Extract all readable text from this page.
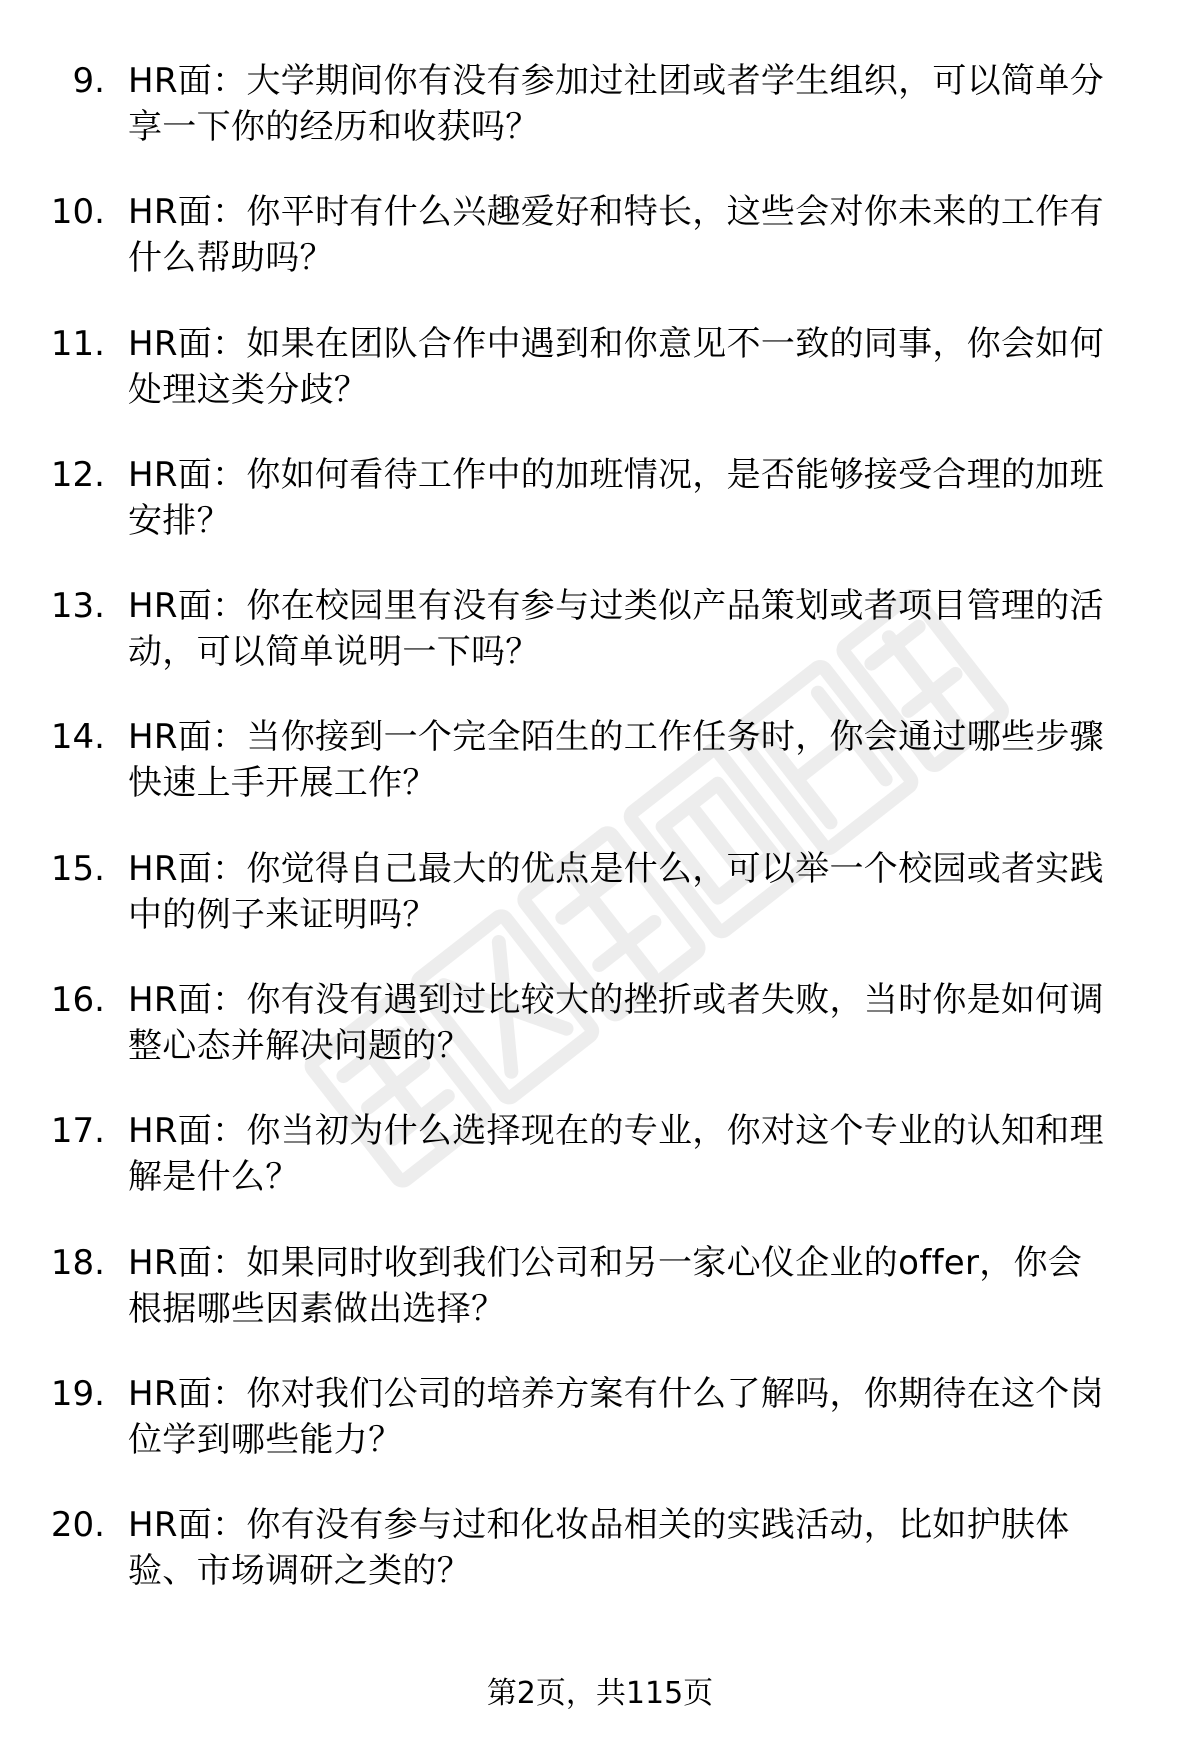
9. HR面：大学期间你有没有参加过社团或者学生组织，可以简单分
享一下你的经历和收获吗？
10. HR面：你平时有什么兴趣爱好和特长，这些会对你未来的工作有
什么帮助吗？
11. HR面：如果在团队合作中遇到和你意见不一致的同事，你会如何
处理这类分歧？
12. HR面：你如何看待工作中的加班情况，是否能够接受合理的加班
安排？
13. HR面：你在校园里有没有参与过类似产品策划或者项目管理的活
动，可以简单说明一下吗？
14. HR面：当你接到一个完全陌生的工作任务时，你会通过哪些步骤
快速上手开展工作？
15. HR面：你觉得自己最大的优点是什么，可以举一个校园或者实践
中的例子来证明吗？
16. HR面：你有没有遇到过比较大的挫折或者失败，当时你是如何调
整心态并解决问题的？
17. HR面：你当初为什么选择现在的专业，你对这个专业的认知和理
解是什么？
18. HR面：如果同时收到我们公司和另一家心仪企业的offer，你会
根据哪些因素做出选择？
19. HR面：你对我们公司的培养方案有什么了解吗，你期待在这个岗
位学到哪些能力？
20. HR面：你有没有参与过和化妆品相关的实践活动，比如护肤体
验、市场调研之类的？
第2页，共115页
